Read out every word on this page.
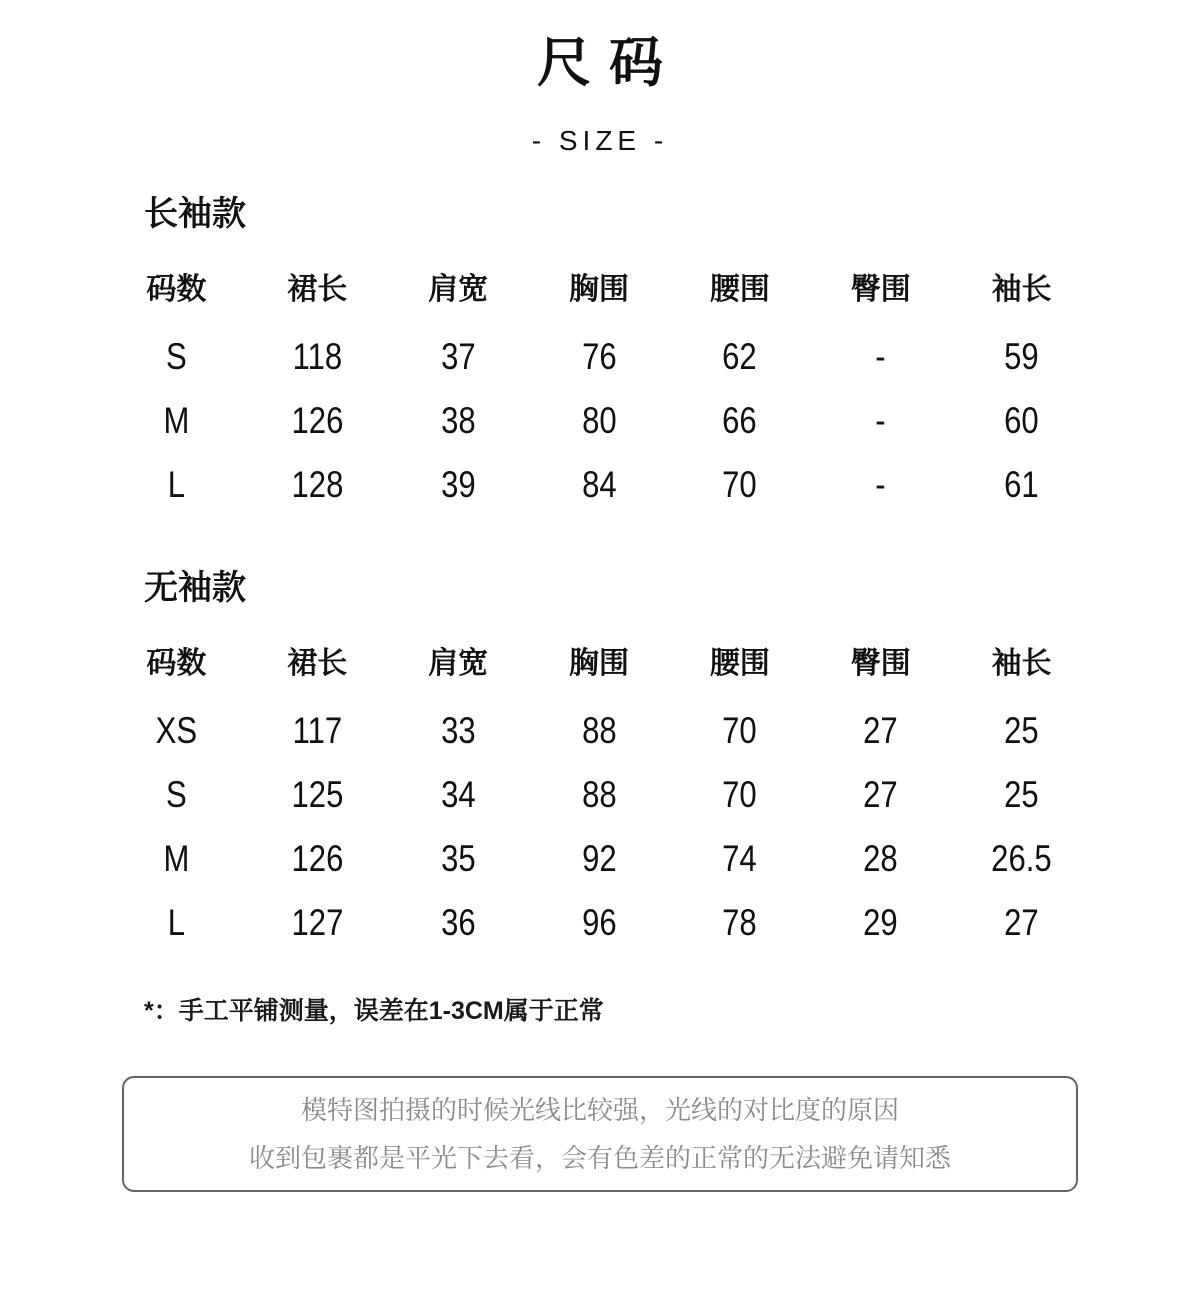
尺码

- SIZE -

长袖款
码数	裙长	肩宽	胸围	腰围	臀围	袖长
S	118	37	76	62	-	59
M	126	38	80	66	-	60
L	128	39	84	70	-	61
无袖款
码数	裙长	肩宽	胸围	腰围	臀围	袖长
XS	117	33	88	70	27	25
S	125	34	88	70	27	25
M	126	35	92	74	28	26.5
L	127	36	96	78	29	27

*：手工平铺测量，误差在1-3CM属于正常

模特图拍摄的时候光线比较强，光线的对比度的原因

收到包裹都是平光下去看，会有色差的正常的无法避免请知悉
